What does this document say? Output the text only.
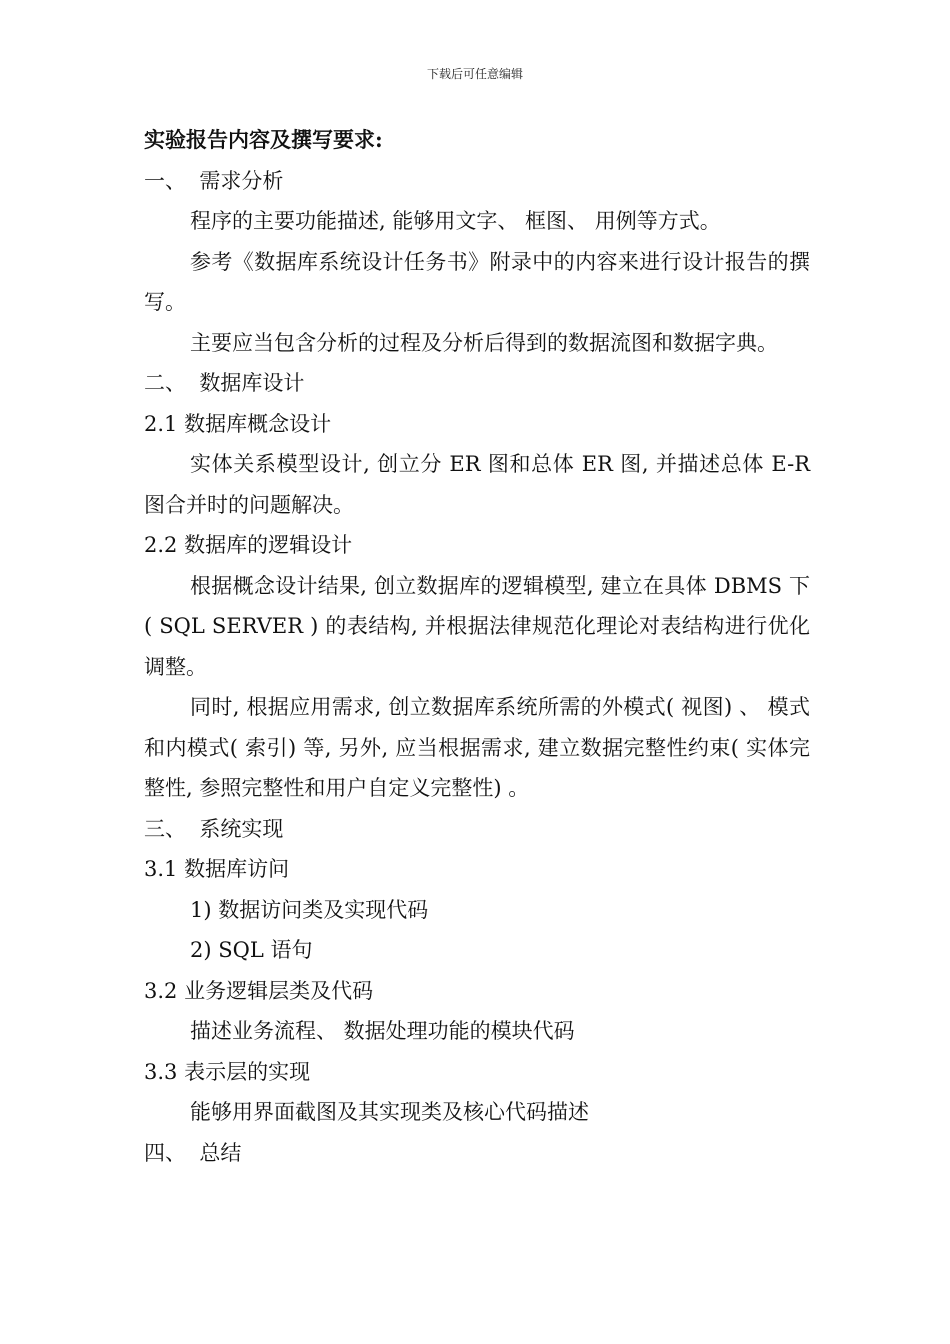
下载后可任意编辑
实验报告内容及撰写要求:
一、  需求分析

程序的主要功能描述, 能够用文字、 框图、 用例等方式。

参考《数据库系统设计任务书》附录中的内容来进行设计报告的撰写。

主要应当包含分析的过程及分析后得到的数据流图和数据字典。

二、  数据库设计
2.1 数据库概念设计

实体关系模型设计, 创立分 ER 图和总体 ER 图, 并描述总体 E-R 图合并时的问题解决。

2.2 数据库的逻辑设计

根据概念设计结果, 创立数据库的逻辑模型, 建立在具体 DBMS 下( SQL SERVER ) 的表结构, 并根据法律规范化理论对表结构进行优化调整。

同时, 根据应用需求, 创立数据库系统所需的外模式( 视图) 、 模式和内模式( 索引) 等, 另外, 应当根据需求, 建立数据完整性约束( 实体完整性, 参照完整性和用户自定义完整性) 。

三、  系统实现
3.1 数据库访问
1) 数据访问类及实现代码
2) SQL 语句
3.2 业务逻辑层类及代码
描述业务流程、 数据处理功能的模块代码
3.3 表示层的实现
能够用界面截图及其实现类及核心代码描述
四、  总结
